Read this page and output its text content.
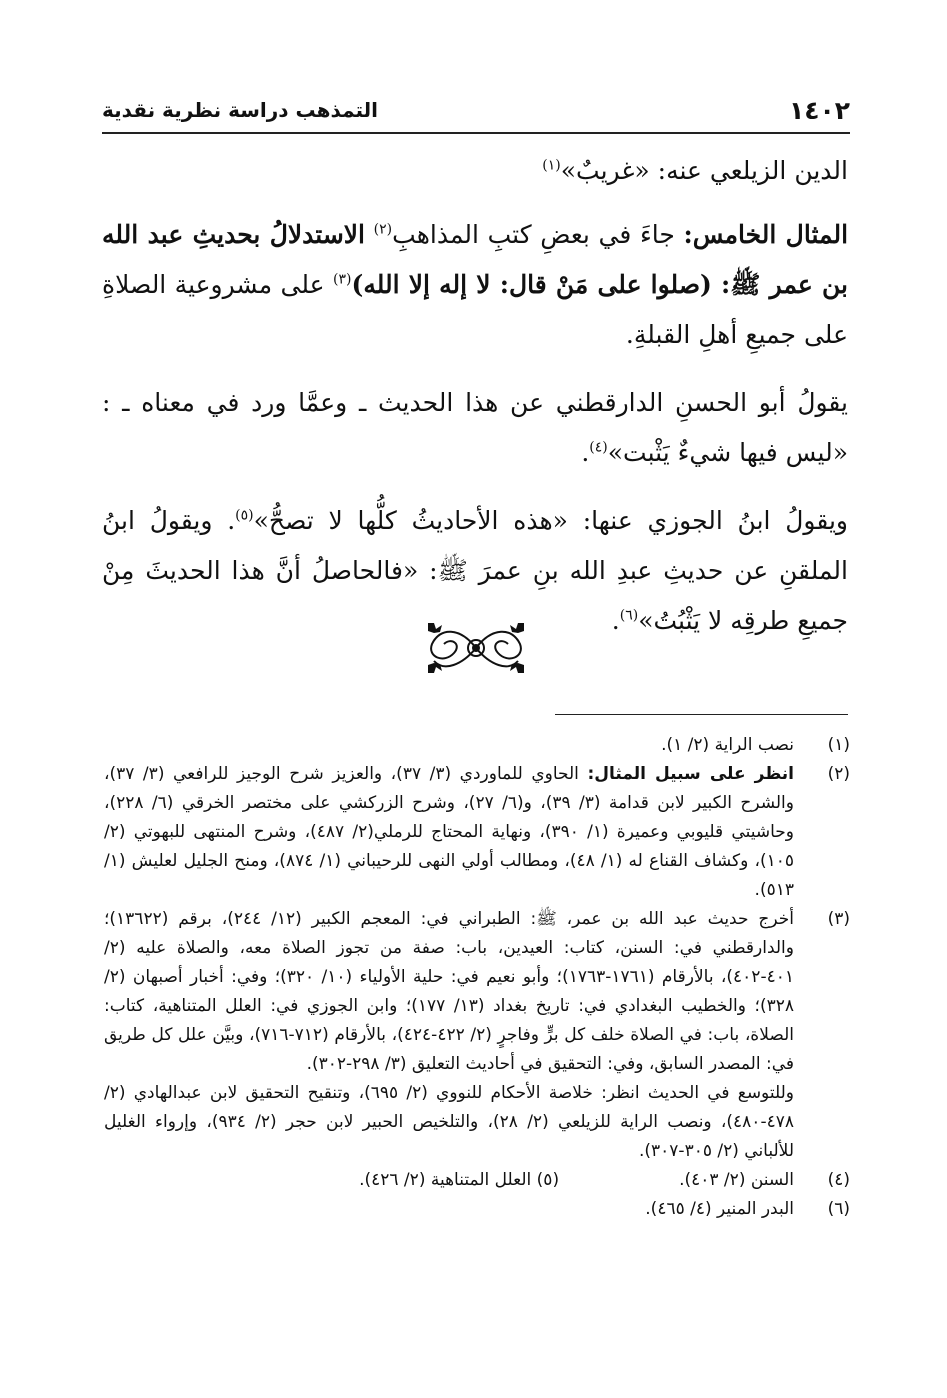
١٤٠٢
التمذهب دراسة نظرية نقدية

الدين الزيلعي عنه: «غريبٌ»$^{(١)}$

المثال الخامس: جاءَ في بعضِ كتبِ المذاهبِ$^{(٢)}$ الاستدلالُ بحديثِ عبد الله بن عمر ﷺ: (صلوا على مَنْ قال: لا إله إلا الله)$^{(٣)}$ على مشروعية الصلاةِ على جميعِ أهلِ القبلةِ.

يقولُ أبو الحسنِ الدارقطني عن هذا الحديث ـ وعمَّا ورد في معناه ـ : «ليس فيها شيءٌ يَثْبت»$^{(٤)}$.

ويقولُ ابنُ الجوزي عنها: «هذه الأحاديثُ كلُّها لا تصحُّ»$^{(٥)}$. ويقولُ ابنُ الملقنِ عن حديثِ عبدِ الله بنِ عمرَ ﷺ: «فالحاصلُ أنَّ هذا الحديثَ مِنْ جميعِ طرقِه لا يَثْبُتُ»$^{(٦)}$.

(١)
نصب الراية (٢/ ١).
(٢)
انظر على سبيل المثال: الحاوي للماوردي (٣/ ٣٧)، والعزيز شرح الوجيز للرافعي (٣/ ٣٧)، والشرح الكبير لابن قدامة (٣/ ٣٩)، و(٦/ ٢٧)، وشرح الزركشي على مختصر الخرقي (٦/ ٢٢٨)، وحاشيتي قليوبي وعميرة (١/ ٣٩٠)، ونهاية المحتاج للرملي(٢/ ٤٨٧)، وشرح المنتهى للبهوتي (٢/ ١٠٥)، وكشاف القناع له (١/ ٤٨)، ومطالب أولي النهى للرحيباني (١/ ٨٧٤)، ومنح الجليل لعليش (١/ ٥١٣).
(٣)
أخرج حديث عبد الله بن عمر، ﷺ: الطبراني في: المعجم الكبير (١٢/ ٢٤٤)، برقم (١٣٦٢٢)؛ والدارقطني في: السنن، كتاب: العيدين، باب: صفة من تجوز الصلاة معه، والصلاة عليه (٢/ ٤٠١-٤٠٢)، بالأرقام (١٧٦١-١٧٦٣)؛ وأبو نعيم في: حلية الأولياء (١٠/ ٣٢٠)؛ وفي: أخبار أصبهان (٢/ ٣٢٨)؛ والخطيب البغدادي في: تاريخ بغداد (١٣/ ١٧٧)؛ وابن الجوزي في: العلل المتناهية، كتاب: الصلاة، باب: في الصلاة خلف كل برٍّ وفاجرٍ (٢/ ٤٢٢-٤٢٤)، بالأرقام (٧١٢-٧١٦)، وبيَّن علل كل طريق في: المصدر السابق، وفي: التحقيق في أحاديث التعليق (٣/ ٢٩٨-٣٠٢).
وللتوسع في الحديث انظر: خلاصة الأحكام للنووي (٢/ ٦٩٥)، وتنقيح التحقيق لابن عبدالهادي (٢/ ٤٧٨-٤٨٠)، ونصب الراية للزيلعي (٢/ ٢٨)، والتلخيص الحبير لابن حجر (٢/ ٩٣٤)، وإرواء الغليل للألباني (٢/ ٣٠٥-٣٠٧).
(٤)
السنن (٢/ ٤٠٣).
(٥) العلل المتناهية (٢/ ٤٢٦).
(٦)
البدر المنير (٤/ ٤٦٥).
